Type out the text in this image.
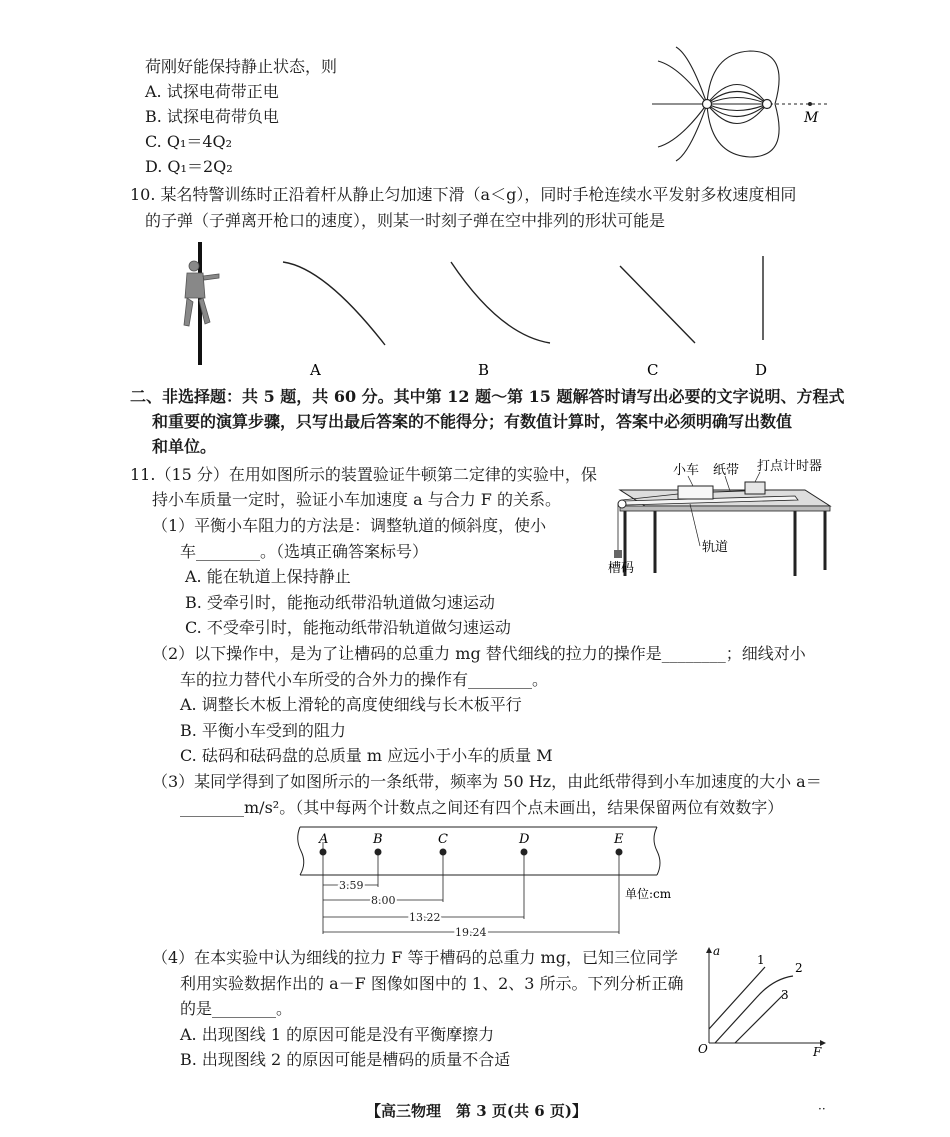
荷刚好能保持静止状态，则
A. 试探电荷带正电
B. 试探电荷带负电
C. Q₁＝4Q₂
D. Q₁＝2Q₂
M
10. 某名特警训练时正沿着杆从静止匀加速下滑（a＜g），同时手枪连续水平发射多枚速度相同
的子弹（子弹离开枪口的速度），则某一时刻子弹在空中排列的形状可能是
A	B	C	D
二、非选择题：共 5 题，共 60 分。其中第 12 题～第 15 题解答时请写出必要的文字说明、方程式
和重要的演算步骤，只写出最后答案的不能得分；有数值计算时，答案中必须明确写出数值
和单位。
11.（15 分）在用如图所示的装置验证牛顿第二定律的实验中，保
持小车质量一定时，验证小车加速度 a 与合力 F 的关系。
（1）平衡小车阻力的方法是：调整轨道的倾斜度，使小
车________。（选填正确答案标号）
A. 能在轨道上保持静止
B. 受牵引时，能拖动纸带沿轨道做匀速运动
C. 不受牵引时，能拖动纸带沿轨道做匀速运动
小车 纸带 打点计时器
轨道
槽码
（2）以下操作中，是为了让槽码的总重力 mg 替代细线的拉力的操作是________；细线对小
车的拉力替代小车所受的合外力的操作有________。
A. 调整长木板上滑轮的高度使细线与长木板平行
B. 平衡小车受到的阻力
C. 砝码和砝码盘的总质量 m 应远小于小车的质量 M
（3）某同学得到了如图所示的一条纸带，频率为 50 Hz，由此纸带得到小车加速度的大小 a＝
________m/s²。（其中每两个计数点之间还有四个点未画出，结果保留两位有效数字）
A	B	C	D	E
3.59
8.00
13.22
19.24
单位:cm
（4）在本实验中认为细线的拉力 F 等于槽码的总重力 mg，已知三位同学
利用实验数据作出的 a－F 图像如图中的 1、2、3 所示。下列分析正确
的是________。
A. 出现图线 1 的原因可能是没有平衡摩擦力
B. 出现图线 2 的原因可能是槽码的质量不合适
a
F
O
1
2
3
【高三物理　第 3 页(共 6 页)】	··
